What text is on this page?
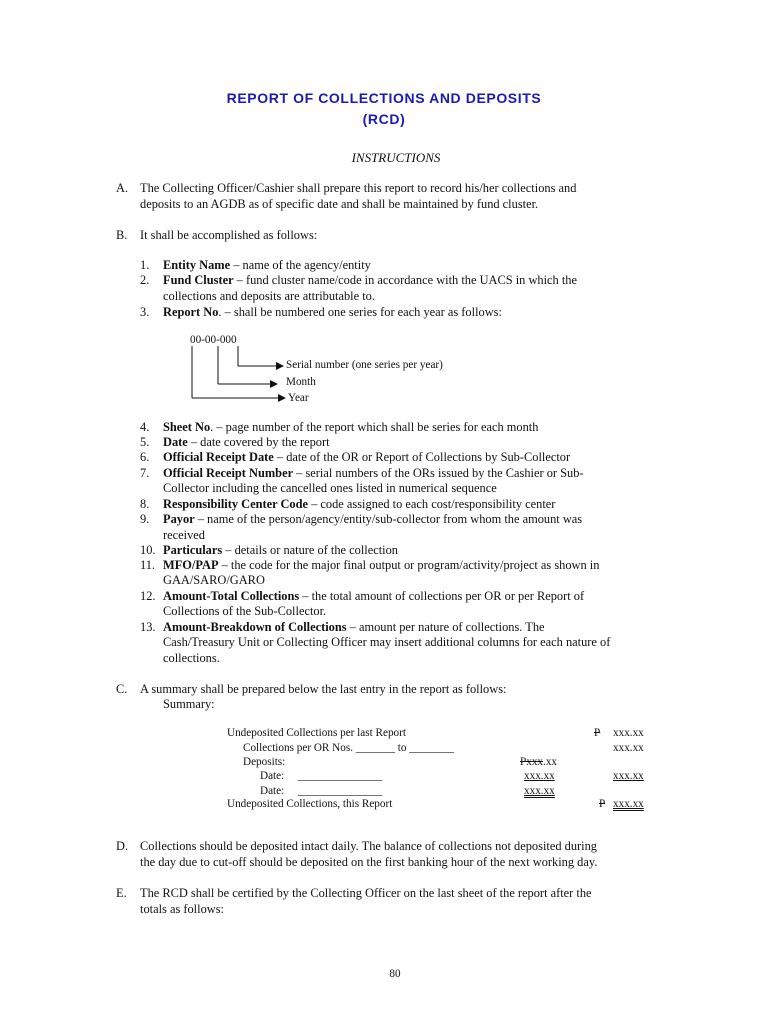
REPORT OF COLLECTIONS AND DEPOSITS
(RCD)
INSTRUCTIONS
A. The Collecting Officer/Cashier shall prepare this report to record his/her collections and
deposits to an AGDB as of specific date and shall be maintained by fund cluster.
B. It shall be accomplished as follows:
1. Entity Name – name of the agency/entity
2. Fund Cluster – fund cluster name/code in accordance with the UACS in which the
collections and deposits are attributable to.
3. Report No. – shall be numbered one series for each year as follows:
00-00-000
Serial number (one series per year)
Month
Year
4. Sheet No. – page number of the report which shall be series for each month
5. Date – date covered by the report
6. Official Receipt Date – date of the OR or Report of Collections by Sub-Collector
7. Official Receipt Number – serial numbers of the ORs issued by the Cashier or Sub-
Collector including the cancelled ones listed in numerical sequence
8. Responsibility Center Code – code assigned to each cost/responsibility center
9. Payor – name of the person/agency/entity/sub-collector from whom the amount was
received
10. Particulars – details or nature of the collection
11. MFO/PAP – the code for the major final output or program/activity/project as shown in
GAA/SARO/GARO
12. Amount-Total Collections – the total amount of collections per OR or per Report of
Collections of the Sub-Collector.
13. Amount-Breakdown of Collections – amount per nature of collections. The
Cash/Treasury Unit or Collecting Officer may insert additional columns for each nature of
collections.
C. A summary shall be prepared below the last entry in the report as follows:
Summary:
Undeposited Collections per last Report	P xxx.xx
Collections per OR Nos. _______ to ________	xxx.xx
Deposits:	Pxxx.xx
Date: _______________	xxx.xx	xxx.xx
Date: _______________	xxx.xx
Undeposited Collections, this Report	P xxx.xx
D. Collections should be deposited intact daily. The balance of collections not deposited during
the day due to cut-off should be deposited on the first banking hour of the next working day.
E. The RCD shall be certified by the Collecting Officer on the last sheet of the report after the
totals as follows:
80
